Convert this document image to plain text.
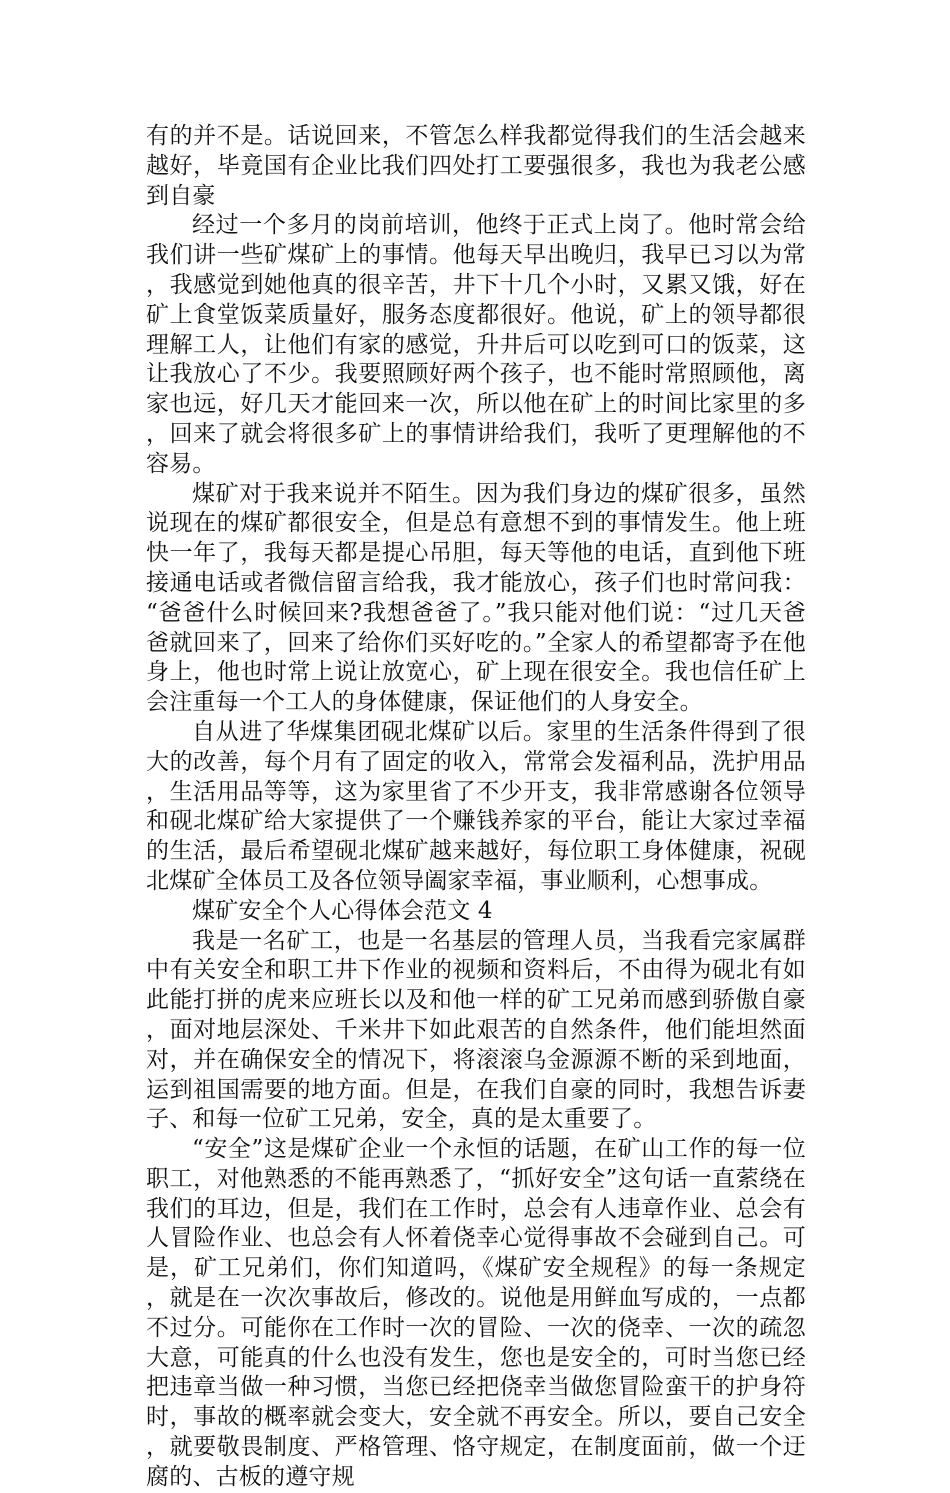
有的并不是。话说回来，不管怎么样我都觉得我们的生活会越来越好，毕竟国有企业比我们四处打工要强很多，我也为我老公感到自豪

经过一个多月的岗前培训，他终于正式上岗了。他时常会给我们讲一些矿煤矿上的事情。他每天早出晚归，我早已习以为常，我感觉到她他真的很辛苦，井下十几个小时，又累又饿，好在矿上食堂饭菜质量好，服务态度都很好。他说，矿上的领导都很理解工人，让他们有家的感觉，升井后可以吃到可口的饭菜，这让我放心了不少。我要照顾好两个孩子，也不能时常照顾他，离家也远，好几天才能回来一次，所以他在矿上的时间比家里的多，回来了就会将很多矿上的事情讲给我们，我听了更理解他的不容易。

煤矿对于我来说并不陌生。因为我们身边的煤矿很多，虽然说现在的煤矿都很安全，但是总有意想不到的事情发生。他上班快一年了，我每天都是提心吊胆，每天等他的电话，直到他下班接通电话或者微信留言给我，我才能放心，孩子们也时常问我：“爸爸什么时候回来?我想爸爸了。”我只能对他们说：“过几天爸爸就回来了，回来了给你们买好吃的。”全家人的希望都寄予在他身上，他也时常上说让放宽心，矿上现在很安全。我也信任矿上会注重每一个工人的身体健康，保证他们的人身安全。

自从进了华煤集团砚北煤矿以后。家里的生活条件得到了很大的改善，每个月有了固定的收入，常常会发福利品，洗护用品，生活用品等等，这为家里省了不少开支，我非常感谢各位领导和砚北煤矿给大家提供了一个赚钱养家的平台，能让大家过幸福的生活，最后希望砚北煤矿越来越好，每位职工身体健康，祝砚北煤矿全体员工及各位领导阖家幸福，事业顺利，心想事成。

煤矿安全个人心得体会范文 4

我是一名矿工，也是一名基层的管理人员，当我看完家属群中有关安全和职工井下作业的视频和资料后，不由得为砚北有如此能打拼的虎来应班长以及和他一样的矿工兄弟而感到骄傲自豪，面对地层深处、千米井下如此艰苦的自然条件，他们能坦然面对，并在确保安全的情况下，将滚滚乌金源源不断的采到地面，运到祖国需要的地方面。但是，在我们自豪的同时，我想告诉妻子、和每一位矿工兄弟，安全，真的是太重要了。

“安全”这是煤矿企业一个永恒的话题，在矿山工作的每一位职工，对他熟悉的不能再熟悉了，“抓好安全”这句话一直萦绕在我们的耳边，但是，我们在工作时，总会有人违章作业、总会有人冒险作业、也总会有人怀着侥幸心觉得事故不会碰到自己。可是，矿工兄弟们，你们知道吗，《煤矿安全规程》的每一条规定，就是在一次次事故后，修改的。说他是用鲜血写成的，一点都不过分。可能你在工作时一次的冒险、一次的侥幸、一次的疏忽大意，可能真的什么也没有发生，您也是安全的，可时当您已经把违章当做一种习惯，当您已经把侥幸当做您冒险蛮干的护身符时，事故的概率就会变大，安全就不再安全。所以，要自己安全，就要敬畏制度、严格管理、恪守规定，在制度面前，做一个迂腐的、古板的遵守规
